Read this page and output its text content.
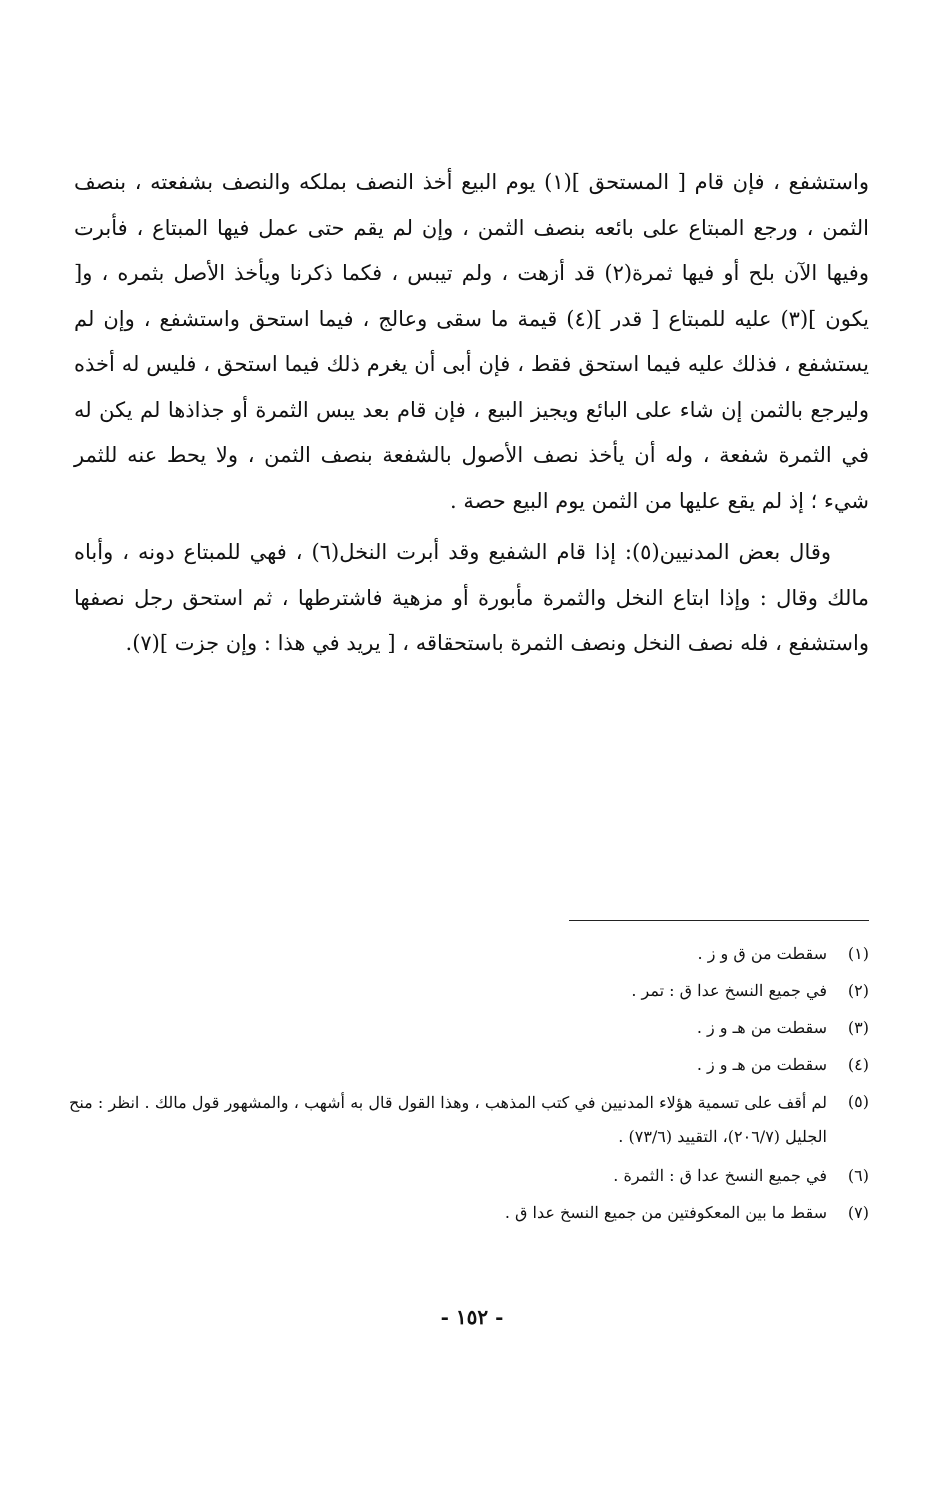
واستشفع ، فإن قام [ المستحق ](١) يوم البيع أخذ النصف بملكه والنصف بشفعته ، بنصف الثمن ، ورجع المبتاع على بائعه بنصف الثمن ، وإن لم يقم حتى عمل فيها المبتاع ، فأبرت وفيها الآن بلح أو فيها ثمرة(٢) قد أزهت ، ولم تيبس ، فكما ذكرنا ويأخذ الأصل بثمره ، و[ يكون ](٣) عليه للمبتاع [ قدر ](٤) قيمة ما سقى وعالج ، فيما استحق واستشفع ، وإن لم يستشفع ، فذلك عليه فيما استحق فقط ، فإن أبى أن يغرم ذلك فيما استحق ، فليس له أخذه وليرجع بالثمن إن شاء على البائع ويجيز البيع ، فإن قام بعد يبس الثمرة أو جذاذها لم يكن له في الثمرة شفعة ، وله أن يأخذ نصف الأصول بالشفعة بنصف الثمن ، ولا يحط عنه للثمر شيء ؛ إذ لم يقع عليها من الثمن يوم البيع حصة .

وقال بعض المدنيين(٥): إذا قام الشفيع وقد أبرت النخل(٦) ، فهي للمبتاع دونه ، وأباه مالك وقال : وإذا ابتاع النخل والثمرة مأبورة أو مزهية فاشترطها ، ثم استحق رجل نصفها واستشفع ، فله نصف النخل ونصف الثمرة باستحقاقه ، [ يريد في هذا : وإن جزت ](٧).

(١)
سقطت من ق و ز .
(٢)
في جميع النسخ عدا ق : تمر .
(٣)
سقطت من هـ و ز .
(٤)
سقطت من هـ و ز .
(٥)
لم أقف على تسمية هؤلاء المدنيين في كتب المذهب ، وهذا القول قال به أشهب ، والمشهور قول مالك . انظر : منح الجليل (٢٠٦/٧)، التقييد (٧٣/٦) .
(٦)
في جميع النسخ عدا ق : الثمرة .
(٧)
سقط ما بين المعكوفتين من جميع النسخ عدا ق .
- ١٥٢ -
